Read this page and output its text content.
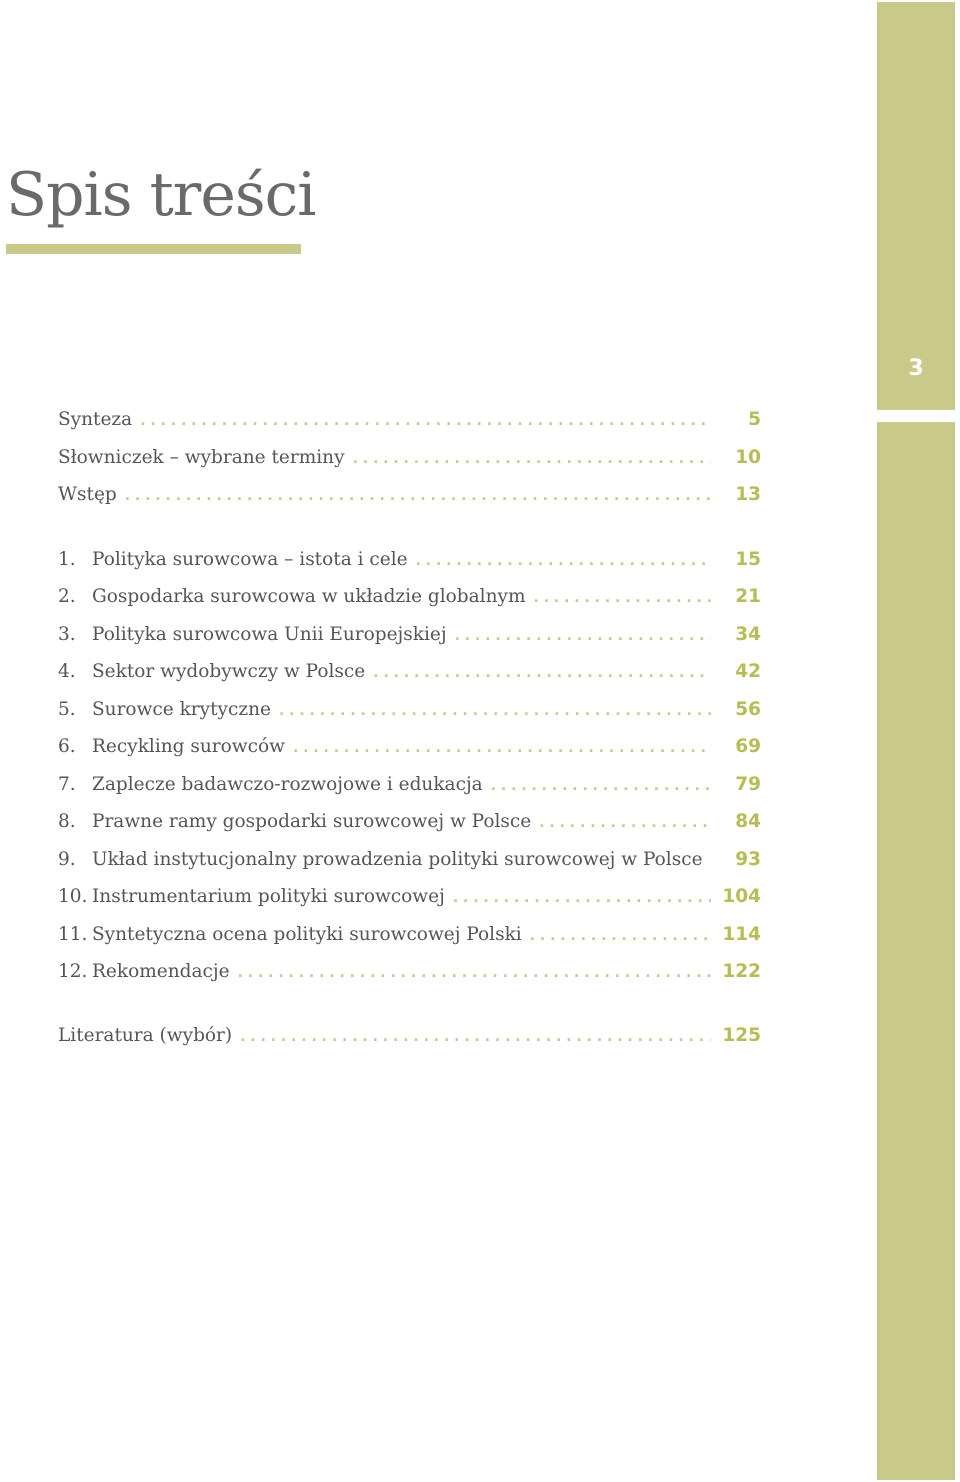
3
Spis treści
Synteza . . .	5
Słowniczek – wybrane terminy . . .	10
Wstęp . . .	13
1. Polityka surowcowa – istota i cele . . .	15
2. Gospodarka surowcowa w układzie globalnym . . .	21
3. Polityka surowcowa Unii Europejskiej . . .	34
4. Sektor wydobywczy w Polsce . . .	42
5. Surowce krytyczne . . .	56
6. Recykling surowców . . .	69
7. Zaplecze badawczo-rozwojowe i edukacja . . .	79
8. Prawne ramy gospodarki surowcowej w Polsce . . .	84
9. Układ instytucjonalny prowadzenia polityki surowcowej w Polsce . . .	93
10. Instrumentarium polityki surowcowej . . .	104
11. Syntetyczna ocena polityki surowcowej Polski . . .	114
12. Rekomendacje . . .	122
Literatura (wybór) . . .	125
